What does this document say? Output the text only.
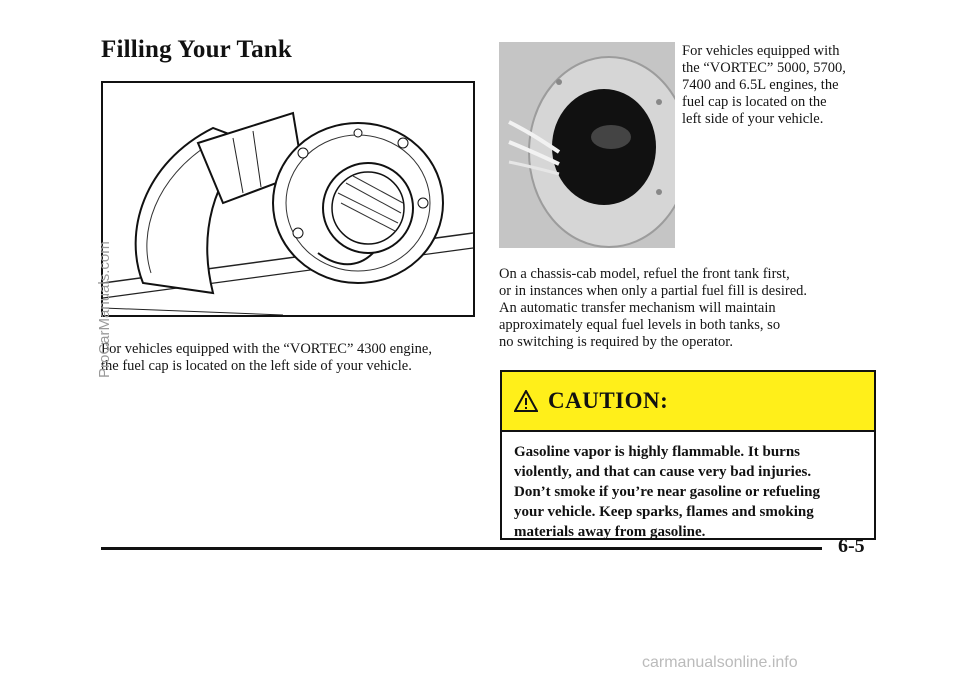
Filling Your Tank	For vehicles equipped with
the “VORTEC” 5000, 5700,
7400 and 6.5L engines, the
fuel cap is located on the
left side of your vehicle.
On a chassis-cab model, refuel the front tank first,
or in instances when only a partial fuel fill is desired.
An automatic transfer mechanism will maintain
approximately equal fuel levels in both tanks, so
no switching is required by the operator.
For vehicles equipped with the “VORTEC” 4300 engine,
the fuel cap is located on the left side of your vehicle.
CAUTION:
Gasoline vapor is highly flammable. It burns
violently, and that can cause very bad injuries.
Don’t smoke if you’re near gasoline or refueling
your vehicle. Keep sparks, flames and smoking
materials away from gasoline.
6-5
ProCarManuals.com
carmanualsonline.info
